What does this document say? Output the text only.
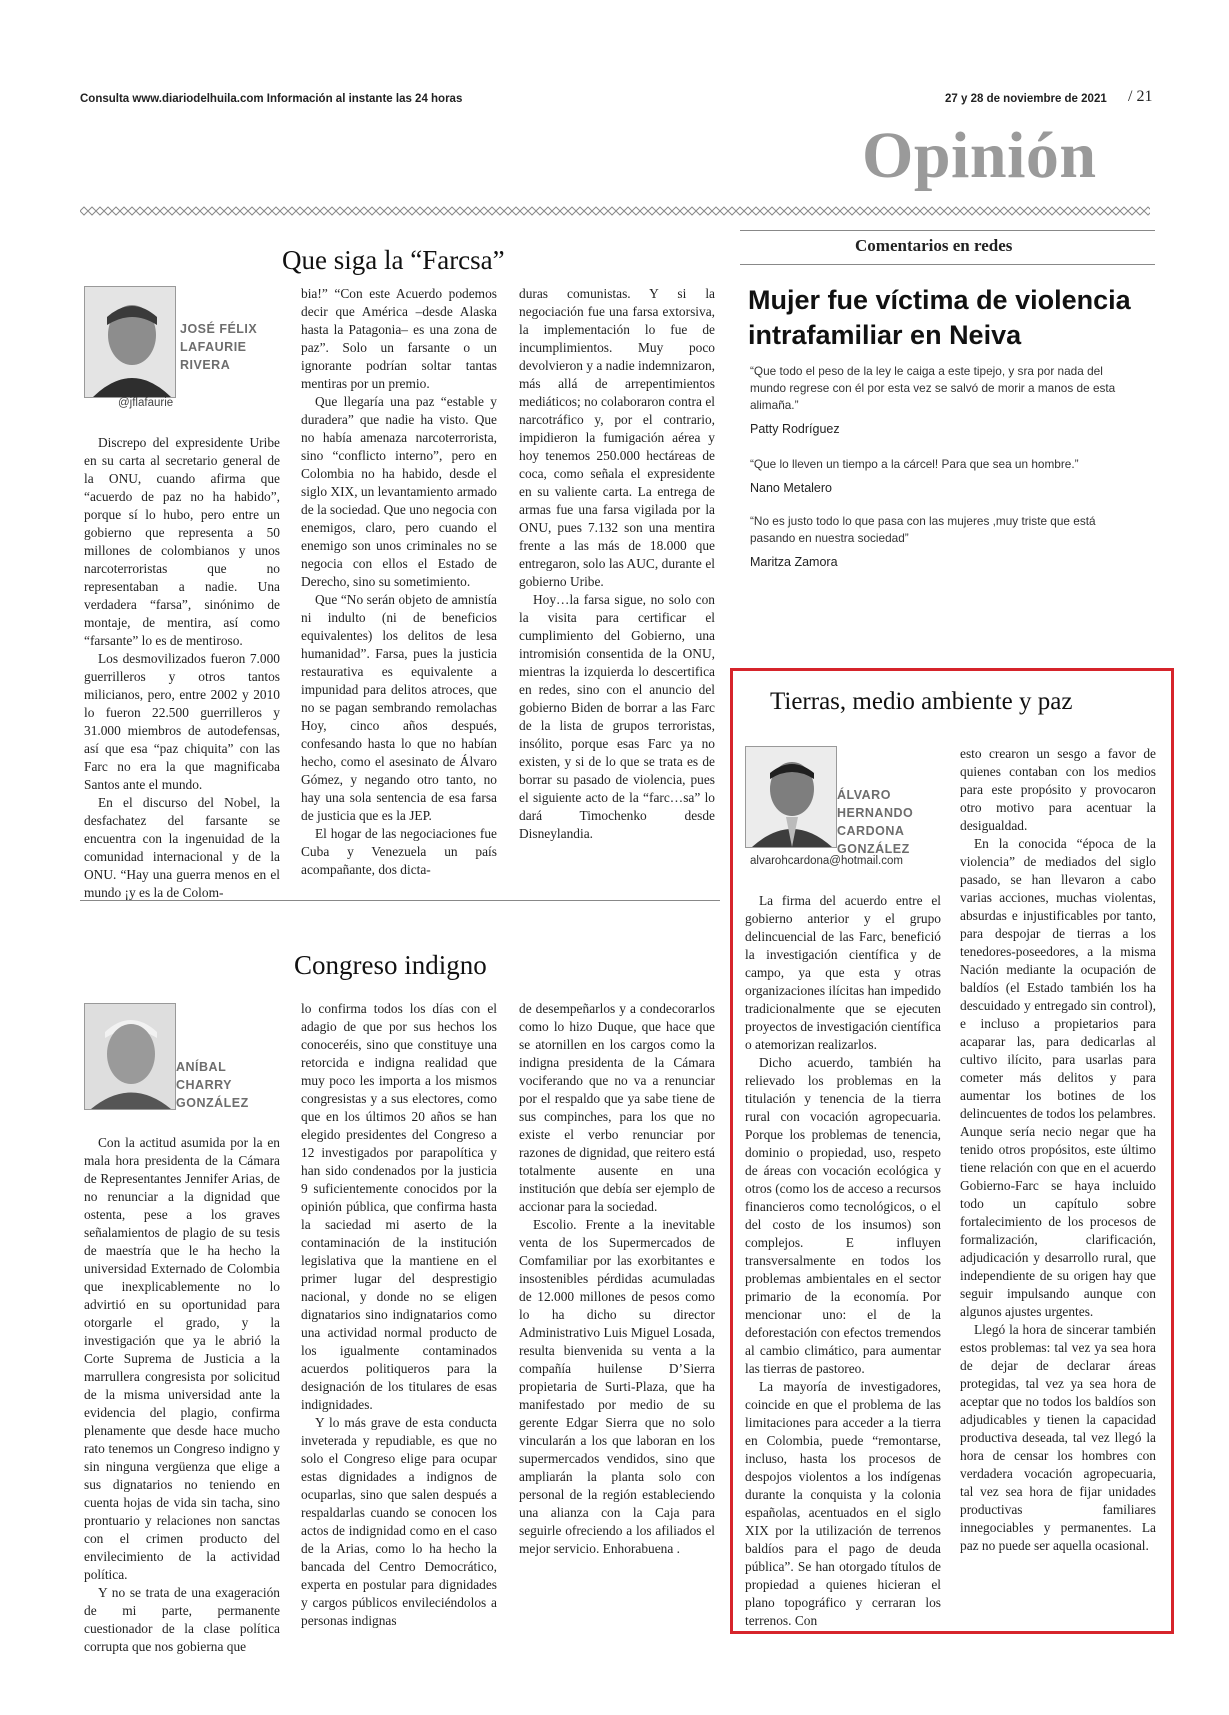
Consulta www.diariodelhuila.com Información al instante las 24 horas	27 y 28 de noviembre de 2021 / 21
Opinión
Que siga la “Farcsa”
JOSÉ FÉLIX LAFAURIE RIVERA
@jflafaurie

Discrepo del expresidente Uribe en su carta al secretario general de la ONU, cuando afirma que “acuerdo de paz no ha habido”, porque sí lo hubo, pero entre un gobierno que representa a 50 millones de colombianos y unos narcoterroristas que no representaban a nadie. Una verdadera “farsa”, sinónimo de montaje, de mentira, así como “farsante” lo es de mentiroso.

Los desmovilizados fueron 7.000 guerrilleros y otros tantos milicianos, pero, entre 2002 y 2010 lo fueron 22.500 guerrilleros y 31.000 miembros de autodefensas, así que esa “paz chiquita” con las Farc no era la que magnificaba Santos ante el mundo.

En el discurso del Nobel, la desfachatez del farsante se encuentra con la ingenuidad de la comunidad internacional y de la ONU. “Hay una guerra menos en el mundo ¡y es la de Colom-

bia!” “Con este Acuerdo podemos decir que América –desde Alaska hasta la Patagonia– es una zona de paz”. Solo un farsante o un ignorante podrían soltar tantas mentiras por un premio.

Que llegaría una paz “estable y duradera” que nadie ha visto. Que no había amenaza narcoterrorista, sino “conflicto interno”, pero en Colombia no ha habido, desde el siglo XIX, un levantamiento armado de la sociedad. Que uno negocia con enemigos, claro, pero cuando el enemigo son unos criminales no se negocia con ellos el Estado de Derecho, sino su sometimiento.

Que “No serán objeto de amnistía ni indulto (ni de beneficios equivalentes) los delitos de lesa humanidad”. Farsa, pues la justicia restaurativa es equivalente a impunidad para delitos atroces, que no se pagan sembrando remolachas Hoy, cinco años después, confesando hasta lo que no habían hecho, como el asesinato de Álvaro Gómez, y negando otro tanto, no hay una sola sentencia de esa farsa de justicia que es la JEP.

El hogar de las negociaciones fue Cuba y Venezuela un país acompañante, dos dicta-

duras comunistas. Y si la negociación fue una farsa extorsiva, la implementación lo fue de incumplimientos. Muy poco devolvieron y a nadie indemnizaron, más allá de arrepentimientos mediáticos; no colaboraron contra el narcotráfico y, por el contrario, impidieron la fumigación aérea y hoy tenemos 250.000 hectáreas de coca, como señala el expresidente en su valiente carta. La entrega de armas fue una farsa vigilada por la ONU, pues 7.132 son una mentira frente a las más de 18.000 que entregaron, solo las AUC, durante el gobierno Uribe.

Hoy…la farsa sigue, no solo con la visita para certificar el cumplimiento del Gobierno, una intromisión consentida de la ONU, mientras la izquierda lo descertifica en redes, sino con el anuncio del gobierno Biden de borrar a las Farc de la lista de grupos terroristas, insólito, porque esas Farc ya no existen, y si de lo que se trata es de borrar su pasado de violencia, pues el siguiente acto de la “farc…sa” lo dará Timochenko desde Disneylandia.

Comentarios en redes
Mujer fue víctima de violencia intrafamiliar en Neiva
“Que todo el peso de la ley le caiga a este tipejo, y sra por nada del mundo regrese con él por esta vez se salvó de morir a manos de esta alimaña.”
Patty Rodríguez
“Que lo lleven un tiempo a la cárcel! Para que sea un hombre.”
Nano Metalero
“No es justo todo lo que pasa con las mujeres ,muy triste que está pasando en nuestra sociedad”
Maritza Zamora
Congreso indigno
ANÍBAL CHARRY GONZÁLEZ

Con la actitud asumida por la en mala hora presidenta de la Cámara de Representantes Jennifer Arias, de no renunciar a la dignidad que ostenta, pese a los graves señalamientos de plagio de su tesis de maestría que le ha hecho la universidad Externado de Colombia que inexplicablemente no lo advirtió en su oportunidad para otorgarle el grado, y la investigación que ya le abrió la Corte Suprema de Justicia a la marrullera congresista por solicitud de la misma universidad ante la evidencia del plagio, confirma plenamente que desde hace mucho rato tenemos un Congreso indigno y sin ninguna vergüenza que elige a sus dignatarios no teniendo en cuenta hojas de vida sin tacha, sino prontuario y relaciones non sanctas con el crimen producto del envilecimiento de la actividad política.

Y no se trata de una exageración de mi parte, permanente cuestionador de la clase política corrupta que nos gobierna que

lo confirma todos los días con el adagio de que por sus hechos los conoceréis, sino que constituye una retorcida e indigna realidad que muy poco les importa a los mismos congresistas y a sus electores, como que en los últimos 20 años se han elegido presidentes del Congreso a 12 investigados por parapolítica y han sido condenados por la justicia 9 suficientemente conocidos por la opinión pública, que confirma hasta la saciedad mi aserto de la contaminación de la institución legislativa que la mantiene en el primer lugar del desprestigio nacional, y donde no se eligen dignatarios sino indignatarios como una actividad normal producto de los igualmente contaminados acuerdos politiqueros para la designación de los titulares de esas indignidades.

Y lo más grave de esta conducta inveterada y repudiable, es que no solo el Congreso elige para ocupar estas dignidades a indignos de ocuparlas, sino que salen después a respaldarlas cuando se conocen los actos de indignidad como en el caso de la Arias, como lo ha hecho la bancada del Centro Democrático, experta en postular para dignidades y cargos públicos envileciéndolos a personas indignas

de desempeñarlos y a condecorarlos como lo hizo Duque, que hace que se atornillen en los cargos como la indigna presidenta de la Cámara vociferando que no va a renunciar por el respaldo que ya sabe tiene de sus compinches, para los que no existe el verbo renunciar por razones de dignidad, que reitero está totalmente ausente en una institución que debía ser ejemplo de accionar para la sociedad.

Escolio. Frente a la inevitable venta de los Supermercados de Comfamiliar por las exorbitantes e insostenibles pérdidas acumuladas de 12.000 millones de pesos como lo ha dicho su director Administrativo Luis Miguel Losada, resulta bienvenida su venta a la compañía huilense D’Sierra propietaria de Surti-Plaza, que ha manifestado por medio de su gerente Edgar Sierra que no solo vincularán a los que laboran en los supermercados vendidos, sino que ampliarán la planta solo con personal de la región estableciendo una alianza con la Caja para seguirle ofreciendo a los afiliados el mejor servicio. Enhorabuena .

Tierras, medio ambiente y paz
ÁLVARO HERNANDO CARDONA GONZÁLEZ
alvarohcardona@hotmail.com

La firma del acuerdo entre el gobierno anterior y el grupo delincuencial de las Farc, benefició la investigación científica y de campo, ya que esta y otras organizaciones ilícitas han impedido tradicionalmente que se ejecuten proyectos de investigación científica o atemorizan realizarlos.

Dicho acuerdo, también ha relievado los problemas en la titulación y tenencia de la tierra rural con vocación agropecuaria. Porque los problemas de tenencia, dominio o propiedad, uso, respeto de áreas con vocación ecológica y otros (como los de acceso a recursos financieros como tecnológicos, o el del costo de los insumos) son complejos. E influyen transversalmente en todos los problemas ambientales en el sector primario de la economía. Por mencionar uno: el de la deforestación con efectos tremendos al cambio climático, para aumentar las tierras de pastoreo.

La mayoría de investigadores, coincide en que el problema de las limitaciones para acceder a la tierra en Colombia, puede “remontarse, incluso, hasta los procesos de despojos violentos a los indígenas durante la conquista y la colonia españolas, acentuados en el siglo XIX por la utilización de terrenos baldíos para el pago de deuda pública”. Se han otorgado títulos de propiedad a quienes hicieran el plano topográfico y cerraran los terrenos. Con

esto crearon un sesgo a favor de quienes contaban con los medios para este propósito y provocaron otro motivo para acentuar la desigualdad.

En la conocida “época de la violencia” de mediados del siglo pasado, se han llevaron a cabo varias acciones, muchas violentas, absurdas e injustificables por tanto, para despojar de tierras a los tenedores-poseedores, a la misma Nación mediante la ocupación de baldíos (el Estado también los ha descuidado y entregado sin control), e incluso a propietarios para acaparar las, para dedicarlas al cultivo ilícito, para usarlas para cometer más delitos y para aumentar los botines de los delincuentes de todos los pelambres. Aunque sería necio negar que ha tenido otros propósitos, este último tiene relación con que en el acuerdo Gobierno-Farc se haya incluido todo un capítulo sobre fortalecimiento de los procesos de formalización, clarificación, adjudicación y desarrollo rural, que independiente de su origen hay que seguir impulsando aunque con algunos ajustes urgentes.

Llegó la hora de sincerar también estos problemas: tal vez ya sea hora de dejar de declarar áreas protegidas, tal vez ya sea hora de aceptar que no todos los baldíos son adjudicables y tienen la capacidad productiva deseada, tal vez llegó la hora de censar los hombres con verdadera vocación agropecuaria, tal vez sea hora de fijar unidades productivas familiares innegociables y permanentes. La paz no puede ser aquella ocasional.
